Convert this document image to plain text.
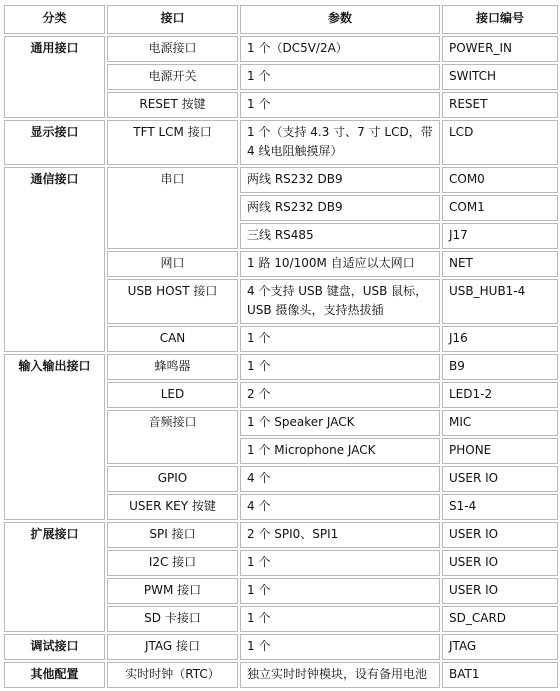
分类	接口	参数	接口编号
通用接口	电源接口	1 个（DC5V/2A）	POWER_IN
	电源开关	1 个	SWITCH
	RESET 按键	1 个	RESET
显示接口	TFT LCM 接口	1 个（支持 4.3 寸、7 寸 LCD，带 4 线电阻触摸屏）	LCD
通信接口	串口	两线 RS232 DB9	COM0
		两线 RS232 DB9	COM1
		三线 RS485	J17
	网口	1 路 10/100M 自适应以太网口	NET
	USB HOST 接口	4 个支持 USB 键盘，USB 鼠标，USB 摄像头，支持热拔插	USB_HUB1-4
	CAN	1 个	J16
输入输出接口	蜂鸣器	1 个	B9
	LED	2 个	LED1-2
	音频接口	1 个 Speaker JACK	MIC
		1 个 Microphone JACK	PHONE
	GPIO	4 个	USER IO
	USER KEY 按键	4 个	S1-4
扩展接口	SPI 接口	2 个 SPI0、SPI1	USER IO
	I2C 接口	1 个	USER IO
	PWM 接口	1 个	USER IO
	SD 卡接口	1 个	SD_CARD
调试接口	JTAG 接口	1 个	JTAG
其他配置	实时时钟（RTC）	独立实时时钟模块，设有备用电池	BAT1
